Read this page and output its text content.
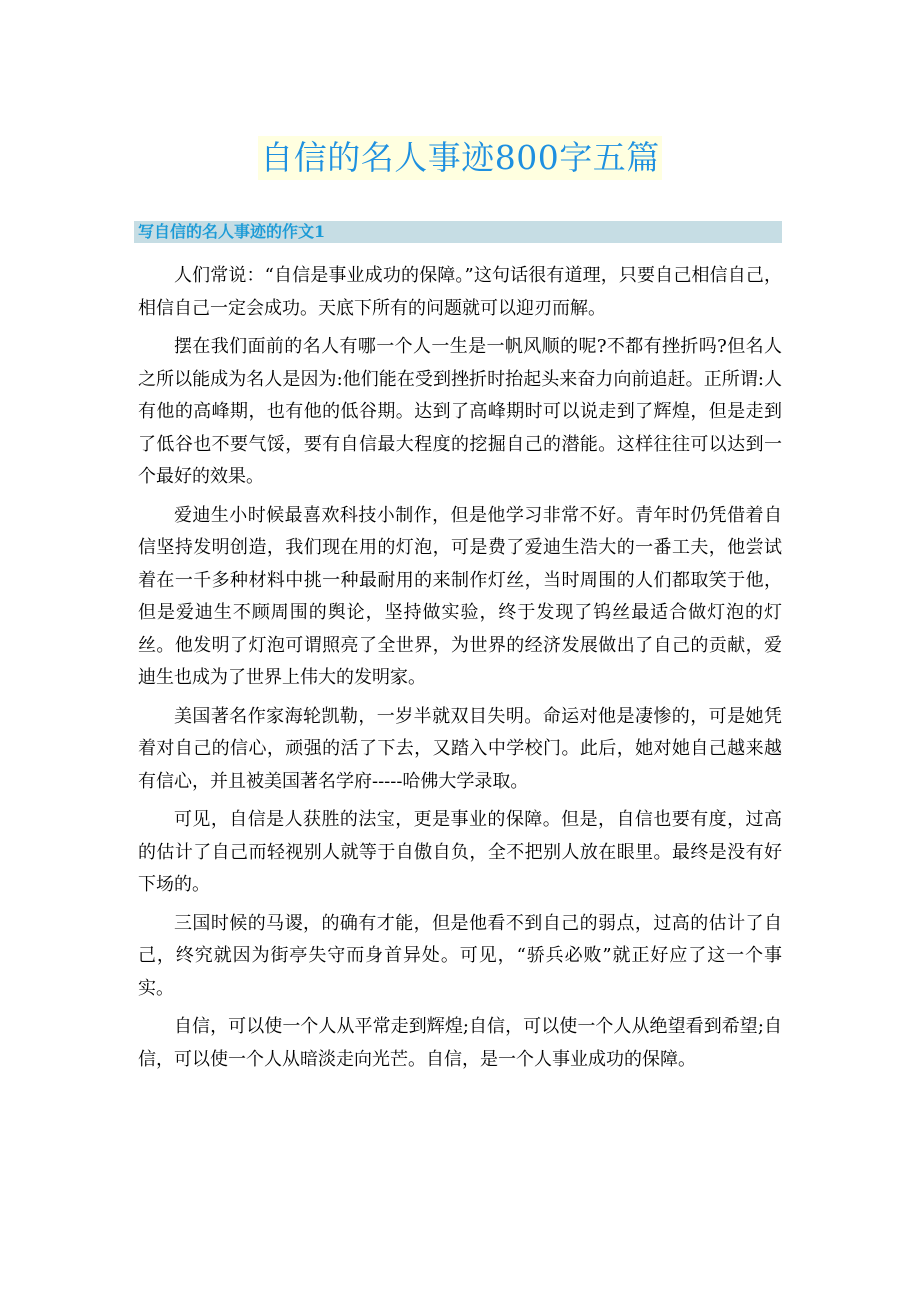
自信的名人事迹800字五篇
写自信的名人事迹的作文1

人们常说：“自信是事业成功的保障。”这句话很有道理，只要自己相信自己，相信自己一定会成功。天底下所有的问题就可以迎刃而解。

摆在我们面前的名人有哪一个人一生是一帆风顺的呢?不都有挫折吗?但名人之所以能成为名人是因为:他们能在受到挫折时抬起头来奋力向前追赶。正所谓:人有他的高峰期，也有他的低谷期。达到了高峰期时可以说走到了辉煌，但是走到了低谷也不要气馁，要有自信最大程度的挖掘自己的潜能。这样往往可以达到一个最好的效果。

爱迪生小时候最喜欢科技小制作，但是他学习非常不好。青年时仍凭借着自信坚持发明创造，我们现在用的灯泡，可是费了爱迪生浩大的一番工夫，他尝试着在一千多种材料中挑一种最耐用的来制作灯丝，当时周围的人们都取笑于他，但是爱迪生不顾周围的舆论，坚持做实验，终于发现了钨丝最适合做灯泡的灯丝。他发明了灯泡可谓照亮了全世界，为世界的经济发展做出了自己的贡献，爱迪生也成为了世界上伟大的发明家。

美国著名作家海轮凯勒，一岁半就双目失明。命运对他是凄惨的，可是她凭着对自己的信心，顽强的活了下去，又踏入中学校门。此后，她对她自己越来越有信心，并且被美国著名学府-----哈佛大学录取。

可见，自信是人获胜的法宝，更是事业的保障。但是，自信也要有度，过高的估计了自己而轻视别人就等于自傲自负，全不把别人放在眼里。最终是没有好下场的。

三国时候的马谡，的确有才能，但是他看不到自己的弱点，过高的估计了自己，终究就因为街亭失守而身首异处。可见，“骄兵必败”就正好应了这一个事实。

自信，可以使一个人从平常走到辉煌;自信，可以使一个人从绝望看到希望;自信，可以使一个人从暗淡走向光芒。自信，是一个人事业成功的保障。
